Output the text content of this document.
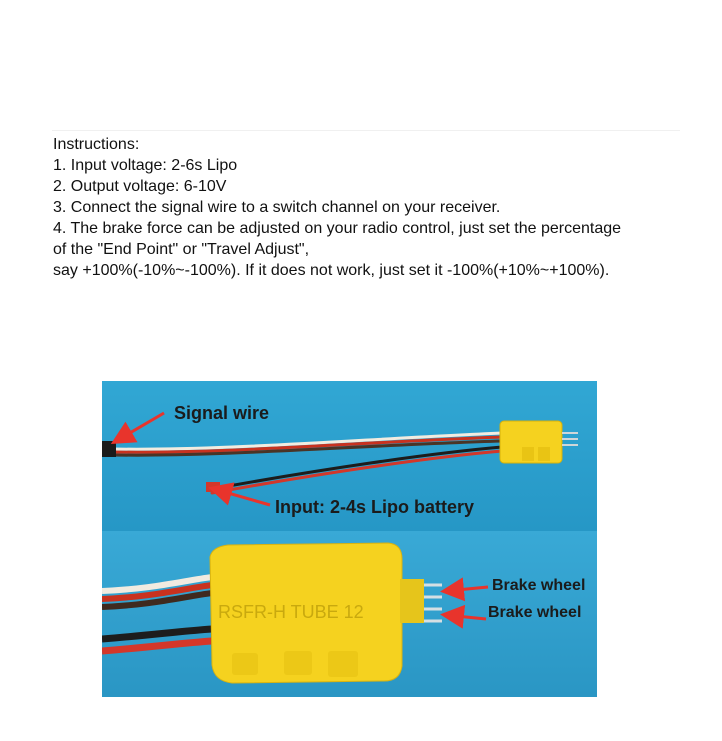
Instructions:
1. Input voltage: 2-6s Lipo
2. Output voltage: 6-10V
3. Connect the signal wire to a switch channel on your receiver.
4. The brake force can be adjusted on your radio control, just set the percentage
of the "End Point" or "Travel Adjust",
say +100%(-10%~-100%). If it does not work, just set it -100%(+10%~+100%).
Signal wire
Input: 2-4s Lipo battery
RSFR-H TUBE 12
Brake wheel
Brake wheel
